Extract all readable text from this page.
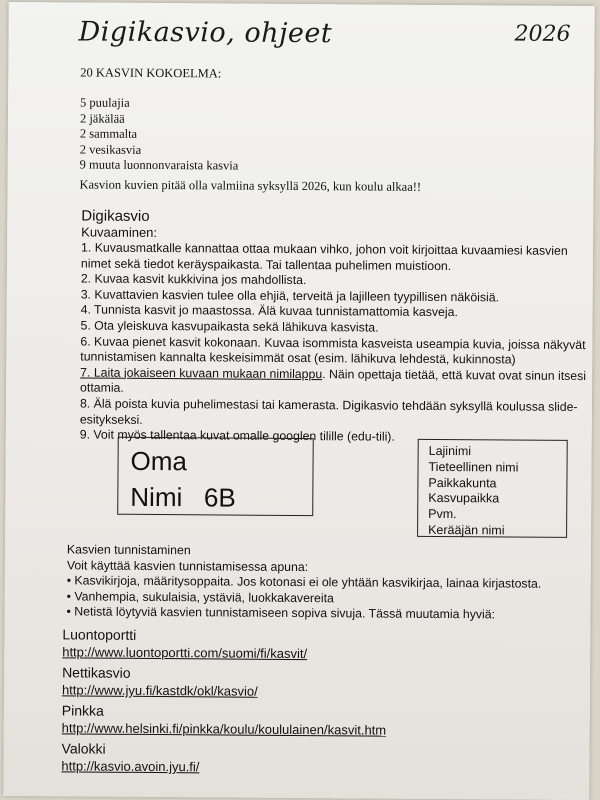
Digikasvio, ohjeet	2026
20 KASVIN KOKOELMA:
5 puulajia
2 jäkälää
2 sammalta
2 vesikasvia
9 muuta luonnonvaraista kasvia
Kasvion kuvien pitää olla valmiina syksyllä 2026, kun koulu alkaa!!
Digikasvio
Kuvaaminen:

1. Kuvausmatkalle kannattaa ottaa mukaan vihko, johon voit kirjoittaa kuvaamiesi kasvien nimet sekä tiedot keräyspaikasta. Tai tallentaa puhelimen muistioon.

2. Kuvaa kasvit kukkivina jos mahdollista.

3. Kuvattavien kasvien tulee olla ehjiä, terveitä ja lajilleen tyypillisen näköisiä.

4. Tunnista kasvit jo maastossa. Älä kuvaa tunnistamattomia kasveja.

5. Ota yleiskuva kasvupaikasta sekä lähikuva kasvista.

6. Kuvaa pienet kasvit kokonaan. Kuvaa isommista kasveista useampia kuvia, joissa näkyvät tunnistamisen kannalta keskeisimmät osat (esim. lähikuva lehdestä, kukinnosta)

7. Laita jokaiseen kuvaan mukaan nimilappu. Näin opettaja tietää, että kuvat ovat sinun itsesi ottamia.

8. Älä poista kuvia puhelimestasi tai kamerasta. Digikasvio tehdään syksyllä koulussa slide-esitykseksi.

9. Voit myös tallentaa kuvat omalle googlen tilille (edu-tili).

Oma
Nimi   6B
Lajinimi
Tieteellinen nimi
Paikkakunta
Kasvupaikka
Pvm.
Kerääjän nimi

Kasvien tunnistaminen

Voit käyttää kasvien tunnistamisessa apuna:

• Kasvikirjoja, määritysoppaita. Jos kotonasi ei ole yhtään kasvikirjaa, lainaa kirjastosta.

• Vanhempia, sukulaisia, ystäviä, luokkakavereita

• Netistä löytyviä kasvien tunnistamiseen sopiva sivuja. Tässä muutamia hyviä:

Luontoportti
http://www.luontoportti.com/suomi/fi/kasvit/
Nettikasvio
http://www.jyu.fi/kastdk/okl/kasvio/
Pinkka
http://www.helsinki.fi/pinkka/koulu/koululainen/kasvit.htm
Valokki
http://kasvio.avoin.jyu.fi/
